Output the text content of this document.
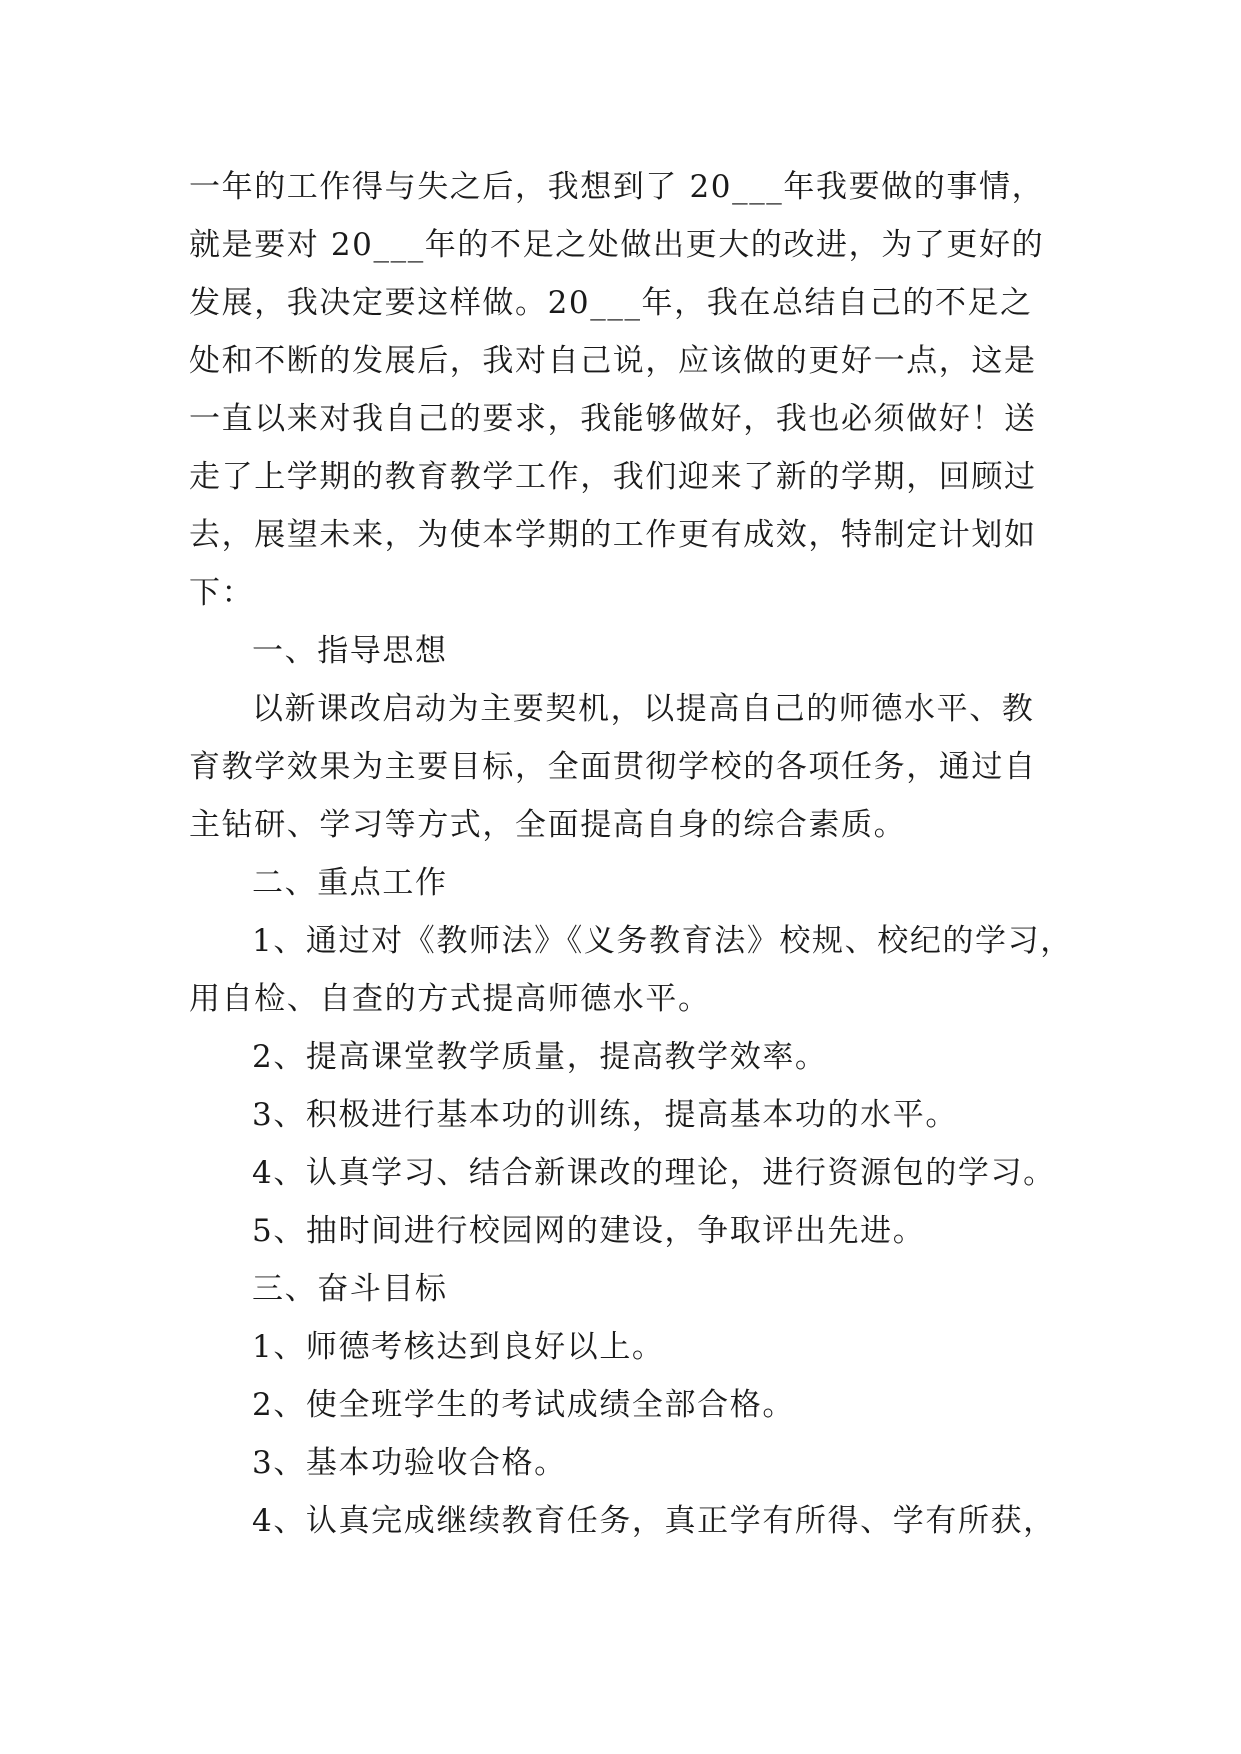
一年的工作得与失之后，我想到了 20___年我要做的事情，

就是要对 20___年的不足之处做出更大的改进，为了更好的

发展，我决定要这样做。20___年，我在总结自己的不足之

处和不断的发展后，我对自己说，应该做的更好一点，这是

一直以来对我自己的要求，我能够做好，我也必须做好！送

走了上学期的教育教学工作，我们迎来了新的学期，回顾过

去，展望未来，为使本学期的工作更有成效，特制定计划如

下：

一、指导思想

以新课改启动为主要契机，以提高自己的师德水平、教

育教学效果为主要目标，全面贯彻学校的各项任务，通过自

主钻研、学习等方式，全面提高自身的综合素质。

二、重点工作

1、通过对《教师法》《义务教育法》校规、校纪的学习，

用自检、自查的方式提高师德水平。

2、提高课堂教学质量，提高教学效率。

3、积极进行基本功的训练，提高基本功的水平。

4、认真学习、结合新课改的理论，进行资源包的学习。

5、抽时间进行校园网的建设，争取评出先进。

三、奋斗目标

1、师德考核达到良好以上。

2、使全班学生的考试成绩全部合格。

3、基本功验收合格。

4、认真完成继续教育任务，真正学有所得、学有所获，
